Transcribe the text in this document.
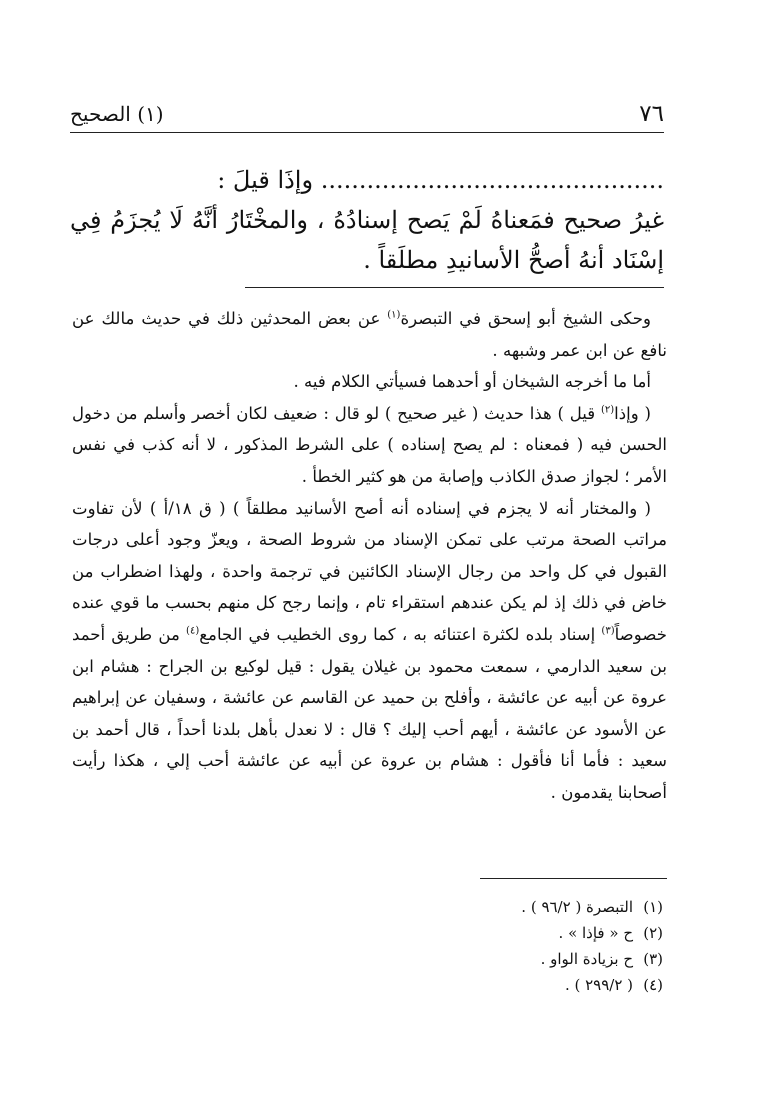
٧٦
(١) الصحيح

............................................. وإذَا قيلَ :

غيرُ صحيح فمَعناهُ لَمْ يَصح إسنادُهُ ، والمخْتَارُ أنَّهُ لَا يُجزَمُ فِي إسْنَاد أنهُ أصحُّ الأسانيدِ مطلَقاً .

وحكى الشيخ أبو إسحق في التبصرة$^{(١)}$ عن بعض المحدثين ذلك في حديث مالك عن نافع عن ابن عمر وشبهه .

أما ما أخرجه الشيخان أو أحدهما فسيأتي الكلام فيه .

( وإذا$^{(٢)}$ قيل ) هذا حديث ( غير صحيح ) لو قال : ضعيف لكان أخصر وأسلم من دخول الحسن فيه ( فمعناه : لم يصح إسناده ) على الشرط المذكور ، لا أنه كذب في نفس الأمر ؛ لجواز صدق الكاذب وإصابة من هو كثير الخطأ .

( والمختار أنه لا يجزم في إسناده أنه أصح الأسانيد مطلقاً ) ( ق ١٨/أ ) لأن تفاوت مراتب الصحة مرتب على تمكن الإسناد من شروط الصحة ، ويعزّ وجود أعلى درجات القبول في كل واحد من رجال الإسناد الكائنين في ترجمة واحدة ، ولهذا اضطراب من خاض في ذلك إذ لم يكن عندهم استقراء تام ، وإنما رجح كل منهم بحسب ما قوي عنده خصوصاً$^{(٣)}$ إسناد بلده لكثرة اعتنائه به ، كما روى الخطيب في الجامع$^{(٤)}$ من طريق أحمد بن سعيد الدارمي ، سمعت محمود بن غيلان يقول : قيل لوكيع بن الجراح : هشام ابن عروة عن أبيه عن عائشة ، وأفلح بن حميد عن القاسم عن عائشة ، وسفيان عن إبراهيم عن الأسود عن عائشة ، أيهم أحب إليك ؟ قال : لا نعدل بأهل بلدنا أحداً ، قال أحمد بن سعيد : فأما أنا فأقول : هشام بن عروة عن أبيه عن عائشة أحب إلي ، هكذا رأيت أصحابنا يقدمون .

(١)التبصرة ( ٩٦/٢ ) .
(٢)ح « فإذا » .
(٣)ح بزيادة الواو .
(٤)( ٢٩٩/٢ ) .
